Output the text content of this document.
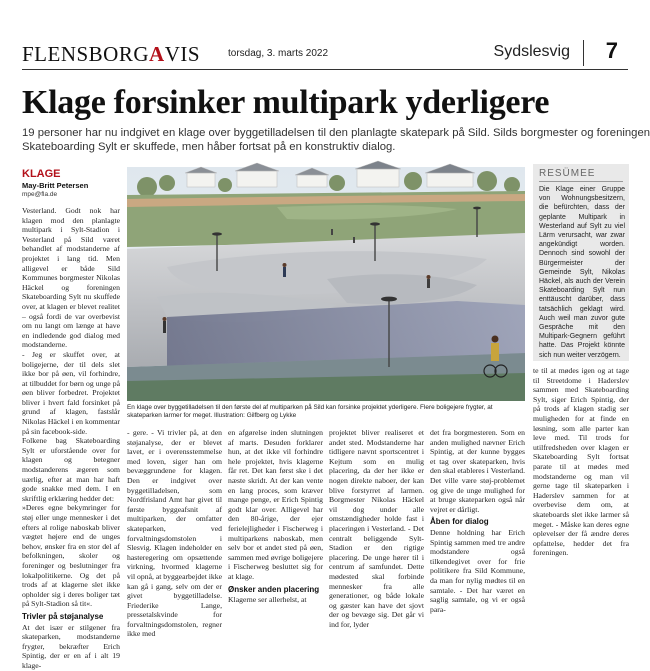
FLENSBORGAVIS	torsdag, 3. marts 2022	Sydslesvig 7
Klage forsinker multipark yderligere

19 personer har nu indgivet en klage over byggetilladelsen til den planlagte skatepark på Sild. Silds borgmester og foreningen

Skateboarding Sylt er skuffede, men håber fortsat på en konstruktiv dialog.

KLAGE
May-Britt Petersen
mpe@fla.de

Vesterland. Godt nok har klagen mod den planlagte multipark i Sylt-Stadion i Vesterland på Sild været behandlet af modstanderne af projektet i lang tid. Men alligevel er både Sild Kommunes borgmester Nikolas Häckel og foreningen Skateboarding Sylt nu skuffede over, at klagen er blevet realitet – også fordi de var overbevist om nu langt om længe at have en indledende god dialog med modstanderne.

- Jeg er skuffet over, at boligejerne, der til dels slet ikke bor på øen, vil forhindre, at tilbuddet for børn og unge på øen bliver forbedret. Projektet bliver i hvert fald forsinket på grund af klagen, fastslår Nikolas Häckel i en kommentar på sin facebook-side.

Folkene bag Skateboarding Sylt er uforstående over for klagen og betegner modstanderens ægeren som uærlig, efter at man har haft gode snakke med dem. I en skriftlig erklæring hedder det:

»Deres egne bekymringer for støj eller unge mennesker i det efters al rolige naboskab bliver vægtet højere end de unges behov, ønsker fra en stor del af befolkningen, skoler og foreninger og beslutninger fra lokalpolitikerne. Og det på trods af at klagerne slet ikke opholder sig i deres boliger tæt på Sylt-Stadion så tit«.

Trivler på støjanalyse

At det især er stilgener fra skateparken, modstanderne frygter, bekræfter Erich Spintig, der er en af i alt 19 klage-

En klage over byggetilladelsen til den første del af multiparken på Sild kan forsinke projektet yderligere. Flere boligejere frygter, at skateparken larmer for meget. Illustration: Gilfberg og Lykke
RESÜMEE
Die Klage einer Gruppe von Wohnungsbesitzern, die befürchten, dass der geplante Multipark in Westerland auf Sylt zu viel Lärm verursacht, war zwar angekündigt worden. Dennoch sind sowohl der Bürgermeister der Gemeinde Sylt, Nikolas Häckel, als auch der Verein Skateboarding Sylt nun enttäuscht darüber, dass tatsächlich geklagt wird. Auch weil man zuvor gute Gespräche mit den Multipark-Gegnern geführt hatte. Das Projekt könnte sich nun weiter verzögern.

- gere. - Vi trivler på, at den støjanalyse, der er blevet lavet, er i overensstemmelse med loven, siger han om bevæggrundene for klagen. Den er indgivet over byggetilladelsen, som Nordfrisland Amt har givet til første byggeafsnit af multiparken, der omfatter skateparken, ved forvaltningsdomstolen i Slesvig. Klagen indeholder en hasteregering om opsættende virkning, hvormed klagerne vil opnå, at byggearbejdet ikke kan gå i gang, selv om der er givet byggetilladelse. Friederike Lange, pressetalskvinde for forvaltningsdomstolen, regner ikke med

en afgørelse inden slutningen af marts. Desuden forklarer hun, at det ikke vil forhindre hele projektet, hvis klagerne får ret. Det kan først ske i det næste skridt. At der kan vente en lang proces, som kræver mange penge, er Erich Spintig godt klar over. Alligevel har den 80-årige, der ejer ferielejligheder i Fischerweg i multiparkens naboskab, men selv bor et andet sted på øen, sammen med øvrige boligejere i Fischerweg besluttet sig for at klage.

Ønsker anden placering

Klagerne ser allerhelst, at

projektet bliver realiseret et andet sted. Modstanderne har tidligere nævnt sportscentret i Kejtum som en mulig placering, da der her ikke er nogen direkte naboer, der kan blive forstyrret af larmen. Borgmester Nikolas Häckel vil dog under alle omstændigheder holde fast i placeringen i Vesterland. - Det centralt beliggende Sylt-Stadion er den rigtige placering. De unge hører til i centrum af samfundet. Dette mødested skal forbinde mennesker fra alle generationer, og både lokale og gæster kan have det sjovt der og bevæge sig. Det går vi ind for, lyder

det fra borgmesteren. Som en anden mulighed nævner Erich Spintig, at der kunne bygges et tag over skateparken, hvis den skal etableres i Vesterland. Det ville være støj-problemet og give de unge mulighed for at bruge skateparken også når vejret er dårligt.

Åben for dialog

Denne holdning har Erich Spintig sammen med tre andre modstandere også tilkendegivet over for frie politikere fra Sild Kommune, da man for nylig mødtes til en samtale. - Det har været en saglig samtale, og vi er også para-

te til at mødes igen og at tage til Streetdome i Haderslev sammen med Skateboarding Sylt, siger Erich Spintig, der på trods af klagen stadig ser muligheden for at finde en løsning, som alle parter kan leve med. Til trods for utilfredsheden over klagen er Skateboarding Sylt fortsat parate til at mødes med modstanderne og man vil gerne tage til skateparken i Haderslev sammen for at overbevise dem om, at skateboards slet ikke larmer så meget. - Måske kan deres egne oplevelser der få ændre deres opfattelse, hedder det fra foreningen.
